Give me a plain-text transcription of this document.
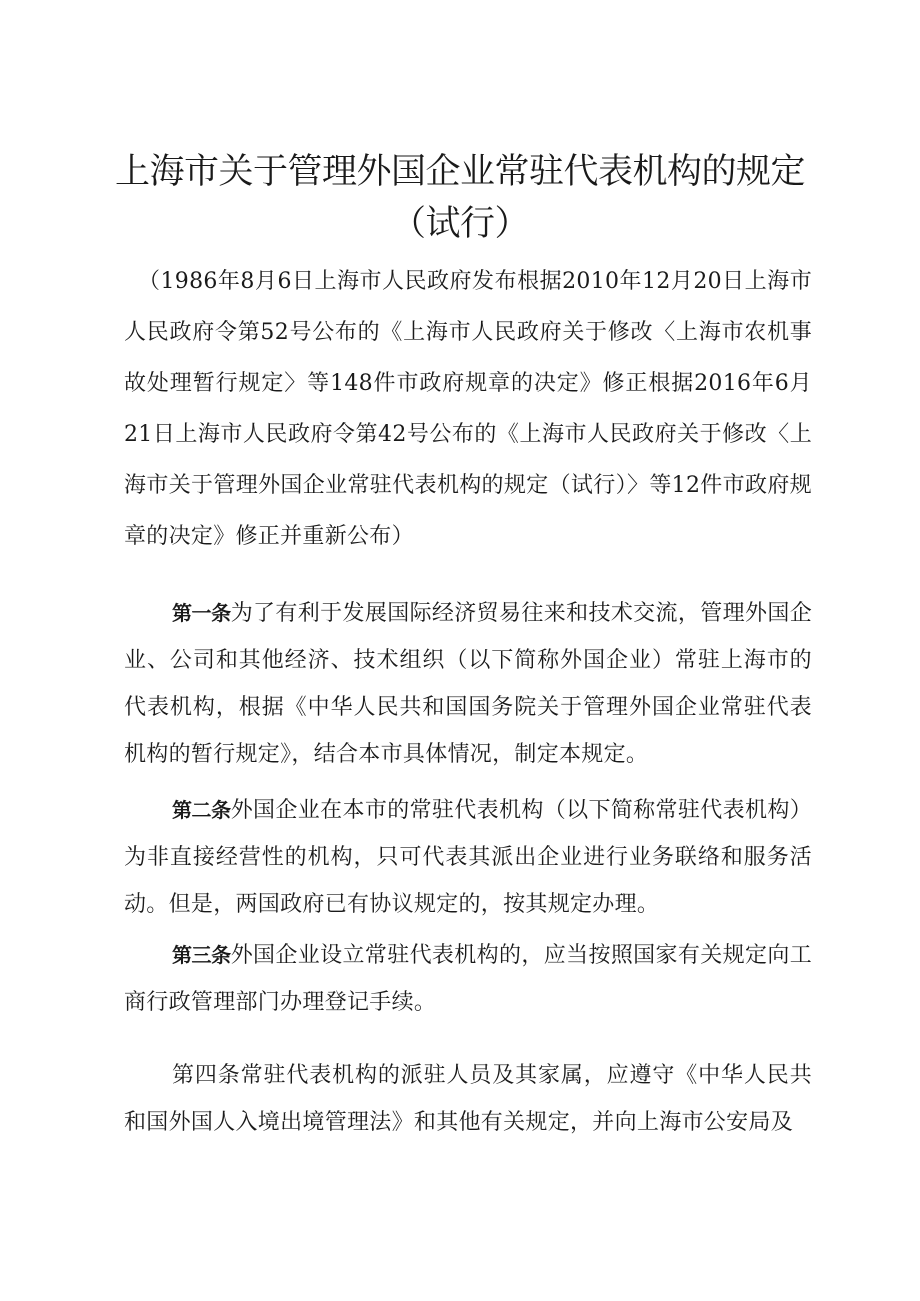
上海市关于管理外国企业常驻代表机构的规定
（试行）
（1986年8月6日上海市人民政府发布根据2010年12月20日上海市人民政府令第52号公布的《上海市人民政府关于修改〈上海市农机事故处理暂行规定〉等148件市政府规章的决定》修正根据2016年6月21日上海市人民政府令第42号公布的《上海市人民政府关于修改〈上海市关于管理外国企业常驻代表机构的规定（试行）〉等12件市政府规章的决定》修正并重新公布）
第一条为了有利于发展国际经济贸易往来和技术交流，管理外国企业、公司和其他经济、技术组织（以下简称外国企业）常驻上海市的代表机构，根据《中华人民共和国国务院关于管理外国企业常驻代表机构的暂行规定》，结合本市具体情况，制定本规定。
第二条外国企业在本市的常驻代表机构（以下简称常驻代表机构）为非直接经营性的机构，只可代表其派出企业进行业务联络和服务活动。但是，两国政府已有协议规定的，按其规定办理。
第三条外国企业设立常驻代表机构的，应当按照国家有关规定向工商行政管理部门办理登记手续。
第四条常驻代表机构的派驻人员及其家属，应遵守《中华人民共和国外国人入境出境管理法》和其他有关规定，并向上海市公安局及
